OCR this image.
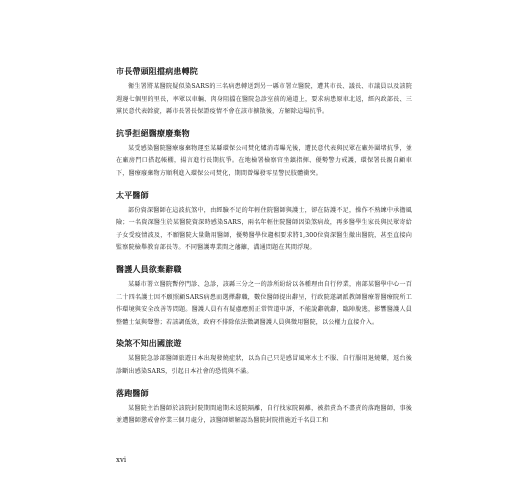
市長帶頭阻擋病患轉院

衛生署將某醫院疑似染SARS的三名病患轉送到另一縣市署立醫院，遭其市長、議長、市議員以及該院週邊七個里的里長，率眾以車輛、肉身阻擋在醫院急診室前的通道上，要求病患原車北返，經內政部長、三黨民意代表斡旋，縣市長署長保證疫情不會在該市擴散後，方解除這場抗爭。

抗爭拒絕醫療廢棄物

某受感染醫院醫療廢棄物運至某縣環保公司焚化爐消毒曝光後，遭民意代表與民眾在廠外圍堵抗爭，並在廠房門口搭起帳棚，揚言進行長期抗爭。在地檢署檢察官坐鎮指揮、優勢警力戒護，環保署長親自顧車下，醫療廢棄物方順利進入環保公司焚化，期間曾爆發零星警民肢體衝突。

太平醫師

部份資深醫師在這波抗煞中，由經驗不足的年輕住院醫師與護士，卻在防護不足，操作不熟練中承擔風險；一名資深醫生於某醫院資深時感染SARS，兩名年輕住院醫師因染煞病故，再多醫學生家長與民眾寄給子女受疫情波及，不願醫院大量動用醫師，優勢醫學位趨相要求將1,300位資深醫生撤出醫院，甚至直接向監察院檢舉教育部長等。不同醫護專業間之藩籬，溝通問題在其間浮現。

醫護人員欲棄辭職

某縣市署立醫院暫停門診、急診，該縣三分之一的診所紛紛以各種理由自行停業，南部某醫學中心一百二十四名護士因不願照顧SARS病患而選擇辭職，數位醫師提出辭呈，行政院遂調派教師醫療署醫療院所工作環境與安全改善等問題。醫護人員有有疑慮應照正常管道申訴，不能說辭就辭，臨陣脫逃，影響醫護人員整體士氣與聲譽；若該調低效，政府不排除依法徵調醫護人員與徵用醫院，以公權力直接介入。

染煞不知出國旅遊

某醫院急診部醫師旅遊日本出現發燒症狀，以為自己只是感冒風寒水土不服、自行服用退燒藥，返台後診斷出感染SARS，引起日本社會的恐慌與不滿。

落跑醫師

某醫院主治醫師於該院封院期間逾期未返院隔離，自行找家院隔離，被指責為不盡責的落跑醫師，事後並遭醫師懲戒會停業三個月處分，該醫師辯解認為醫院封院措施近千名員工和

xvi
